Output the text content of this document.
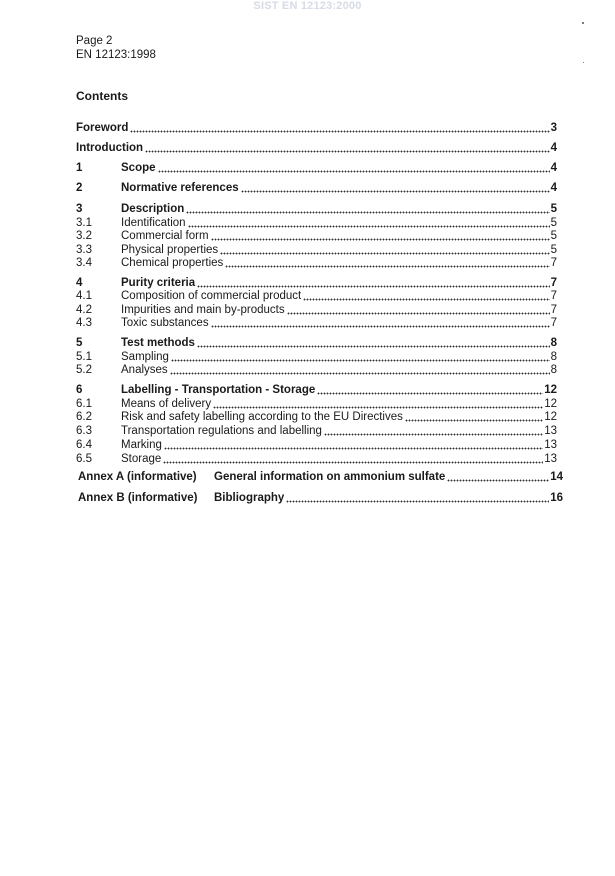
SIST EN 12123:2000
Page 2
EN 12123:1998
Contents
Foreword	3
Introduction	4
1	Scope	4
2	Normative references	4
3	Description	5
3.1	Identification	5
3.2	Commercial form	5
3.3	Physical properties	5
3.4	Chemical properties	7
4	Purity criteria	7
4.1	Composition of commercial product	7
4.2	Impurities and main by-products	7
4.3	Toxic substances	7
5	Test methods	8
5.1	Sampling	8
5.2	Analyses	8
6	Labelling - Transportation - Storage	12
6.1	Means of delivery	12
6.2	Risk and safety labelling according to the EU Directives	12
6.3	Transportation regulations and labelling	13
6.4	Marking	13
6.5	Storage	13
Annex A (informative)	General information on ammonium sulfate	14
Annex B (informative)	Bibliography	16
